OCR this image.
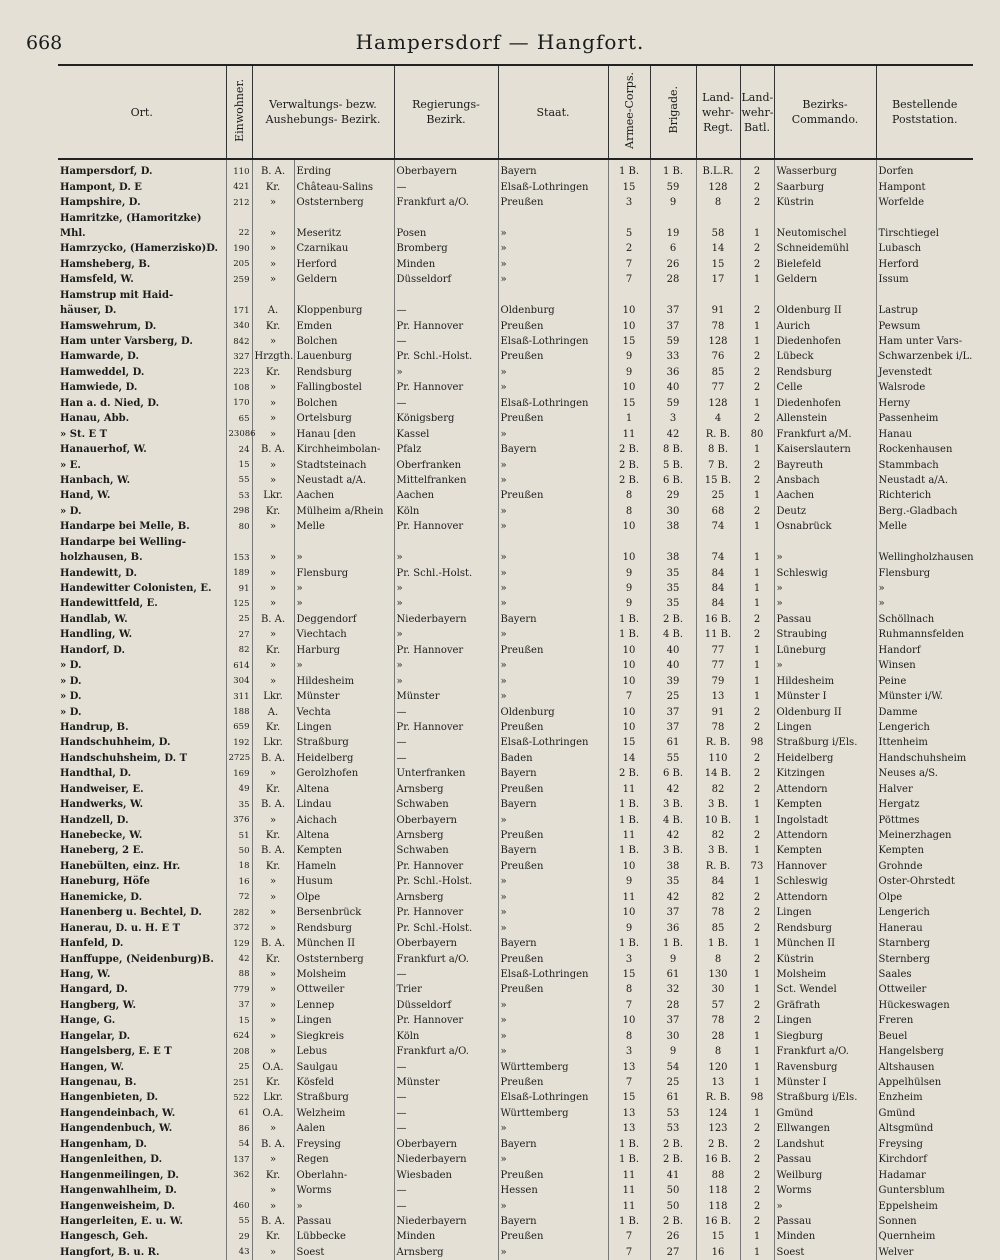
668	Hampersdorf — Hangfort.
Ort.	Einwohner.	Verwaltungs- bezw. Aushebungs- Bezirk.		Regierungs- Bezirk.	Staat.	Armee-Corps.	Brigade.	Land- wehr- Regt.	Land- wehr- Batl.	Bezirks- Commando.	Bestellende Poststation.
Hampersdorf, D.	110	B. A.	Erding	Oberbayern	Bayern	1 B.	1 B.	B.L.R.	2	Wasserburg	Dorfen
Hampont, D. E	421	Kr.	Château-Salins	—	Elsaß-Lothringen	15	59	128	2	Saarburg	Hampont
Hampshire, D.	212	»	Oststernberg	Frankfurt a/O.	Preußen	3	9	8	2	Küstrin	Worfelde
Hamritzke, (Hamoritzke)											
Mhl.	22	»	Meseritz	Posen	»	5	19	58	1	Neutomischel	Tirschtiegel
Hamrzycko, (Hamerzisko)D.	190	»	Czarnikau	Bromberg	»	2	6	14	2	Schneidemühl	Lubasch
Hamsheberg, B.	205	»	Herford	Minden	»	7	26	15	2	Bielefeld	Herford
Hamsfeld, W.	259	»	Geldern	Düsseldorf	»	7	28	17	1	Geldern	Issum
Hamstrup mit Haid-											
häuser, D.	171	A.	Kloppenburg	—	Oldenburg	10	37	91	2	Oldenburg II	Lastrup
Hamswehrum, D.	340	Kr.	Emden	Pr. Hannover	Preußen	10	37	78	1	Aurich	Pewsum
Ham unter Varsberg, D.	842	»	Bolchen	—	Elsaß-Lothringen	15	59	128	1	Diedenhofen	Ham unter Vars-
Hamwarde, D.	327	Hrzgth.	Lauenburg	Pr. Schl.-Holst.	Preußen	9	33	76	2	Lübeck	Schwarzenbek i/L.
Hamweddel, D.	223	Kr.	Rendsburg	»	»	9	36	85	2	Rendsburg	Jevenstedt
Hamwiede, D.	108	»	Fallingbostel	Pr. Hannover	»	10	40	77	2	Celle	Walsrode
Han a. d. Nied, D.	170	»	Bolchen	—	Elsaß-Lothringen	15	59	128	1	Diedenhofen	Herny
Hanau, Abb.	65	»	Ortelsburg	Königsberg	Preußen	1	3	4	2	Allenstein	Passenheim
» St. E T	23086	»	Hanau [den	Kassel	»	11	42	R. B.	80	Frankfurt a/M.	Hanau
Hanauerhof, W.	24	B. A.	Kirchheimbolan-	Pfalz	Bayern	2 B.	8 B.	8 B.	1	Kaiserslautern	Rockenhausen
» E.	15	»	Stadtsteinach	Oberfranken	»	2 B.	5 B.	7 B.	2	Bayreuth	Stammbach
Hanbach, W.	55	»	Neustadt a/A.	Mittelfranken	»	2 B.	6 B.	15 B.	2	Ansbach	Neustadt a/A.
Hand, W.	53	Lkr.	Aachen	Aachen	Preußen	8	29	25	1	Aachen	Richterich
» D.	298	Kr.	Mülheim a/Rhein	Köln	»	8	30	68	2	Deutz	Berg.-Gladbach
Handarpe bei Melle, B.	80	»	Melle	Pr. Hannover	»	10	38	74	1	Osnabrück	Melle
Handarpe bei Welling-											
holzhausen, B.	153	»	»	»	»	10	38	74	1	»	Wellingholzhausen
Handewitt, D.	189	»	Flensburg	Pr. Schl.-Holst.	»	9	35	84	1	Schleswig	Flensburg
Handewitter Colonisten, E.	91	»	»	»	»	9	35	84	1	»	»
Handewittfeld, E.	125	»	»	»	»	9	35	84	1	»	»
Handlab, W.	25	B. A.	Deggendorf	Niederbayern	Bayern	1 B.	2 B.	16 B.	2	Passau	Schöllnach
Handling, W.	27	»	Viechtach	»	»	1 B.	4 B.	11 B.	2	Straubing	Ruhmannsfelden
Handorf, D.	82	Kr.	Harburg	Pr. Hannover	Preußen	10	40	77	1	Lüneburg	Handorf
» D.	614	»	»	»	»	10	40	77	1	»	Winsen
» D.	304	»	Hildesheim	»	»	10	39	79	1	Hildesheim	Peine
» D.	311	Lkr.	Münster	Münster	»	7	25	13	1	Münster I	Münster i/W.
» D.	188	A.	Vechta	—	Oldenburg	10	37	91	2	Oldenburg II	Damme
Handrup, B.	659	Kr.	Lingen	Pr. Hannover	Preußen	10	37	78	2	Lingen	Lengerich
Handschuhheim, D.	192	Lkr.	Straßburg	—	Elsaß-Lothringen	15	61	R. B.	98	Straßburg i/Els.	Ittenheim
Handschuhsheim, D. T	2725	B. A.	Heidelberg	—	Baden	14	55	110	2	Heidelberg	Handschuhsheim
Handthal, D.	169	»	Gerolzhofen	Unterfranken	Bayern	2 B.	6 B.	14 B.	2	Kitzingen	Neuses a/S.
Handweiser, E.	49	Kr.	Altena	Arnsberg	Preußen	11	42	82	2	Attendorn	Halver
Handwerks, W.	35	B. A.	Lindau	Schwaben	Bayern	1 B.	3 B.	3 B.	1	Kempten	Hergatz
Handzell, D.	376	»	Aichach	Oberbayern	»	1 B.	4 B.	10 B.	1	Ingolstadt	Pöttmes
Hanebecke, W.	51	Kr.	Altena	Arnsberg	Preußen	11	42	82	2	Attendorn	Meinerzhagen
Haneberg, 2 E.	50	B. A.	Kempten	Schwaben	Bayern	1 B.	3 B.	3 B.	1	Kempten	Kempten
Hanebülten, einz. Hr.	18	Kr.	Hameln	Pr. Hannover	Preußen	10	38	R. B.	73	Hannover	Grohnde
Haneburg, Höfe	16	»	Husum	Pr. Schl.-Holst.	»	9	35	84	1	Schleswig	Oster-Ohrstedt
Hanemicke, D.	72	»	Olpe	Arnsberg	»	11	42	82	2	Attendorn	Olpe
Hanenberg u. Bechtel, D.	282	»	Bersenbrück	Pr. Hannover	»	10	37	78	2	Lingen	Lengerich
Hanerau, D. u. H. E T	372	»	Rendsburg	Pr. Schl.-Holst.	»	9	36	85	2	Rendsburg	Hanerau
Hanfeld, D.	129	B. A.	München II	Oberbayern	Bayern	1 B.	1 B.	1 B.	1	München II	Starnberg
Hanffuppe, (Neidenburg)B.	42	Kr.	Oststernberg	Frankfurt a/O.	Preußen	3	9	8	2	Küstrin	Sternberg
Hang, W.	88	»	Molsheim	—	Elsaß-Lothringen	15	61	130	1	Molsheim	Saales
Hangard, D.	779	»	Ottweiler	Trier	Preußen	8	32	30	1	Sct. Wendel	Ottweiler
Hangberg, W.	37	»	Lennep	Düsseldorf	»	7	28	57	2	Gräfrath	Hückeswagen
Hange, G.	15	»	Lingen	Pr. Hannover	»	10	37	78	2	Lingen	Freren
Hangelar, D.	624	»	Siegkreis	Köln	»	8	30	28	1	Siegburg	Beuel
Hangelsberg, E. E T	208	»	Lebus	Frankfurt a/O.	»	3	9	8	1	Frankfurt a/O.	Hangelsberg
Hangen, W.	25	O.A.	Saulgau	—	Württemberg	13	54	120	1	Ravensburg	Altshausen
Hangenau, B.	251	Kr.	Kösfeld	Münster	Preußen	7	25	13	1	Münster I	Appelhülsen
Hangenbieten, D.	522	Lkr.	Straßburg	—	Elsaß-Lothringen	15	61	R. B.	98	Straßburg i/Els.	Enzheim
Hangendeinbach, W.	61	O.A.	Welzheim	—	Württemberg	13	53	124	1	Gmünd	Gmünd
Hangendenbuch, W.	86	»	Aalen	—	»	13	53	123	2	Ellwangen	Altsgmünd
Hangenham, D.	54	B. A.	Freysing	Oberbayern	Bayern	1 B.	2 B.	2 B.	2	Landshut	Freysing
Hangenleithen, D.	137	»	Regen	Niederbayern	»	1 B.	2 B.	16 B.	2	Passau	Kirchdorf
Hangenmeilingen, D.	362	Kr.	Oberlahn-	Wiesbaden	Preußen	11	41	88	2	Weilburg	Hadamar
Hangenwahlheim, D.		»	Worms	—	Hessen	11	50	118	2	Worms	Guntersblum
Hangenweisheim, D.	460	»	»	—	»	11	50	118	2	»	Eppelsheim
Hangerleiten, E. u. W.	55	B. A.	Passau	Niederbayern	Bayern	1 B.	2 B.	16 B.	2	Passau	Sonnen
Hangesch, Geh.	29	Kr.	Lübbecke	Minden	Preußen	7	26	15	1	Minden	Quernheim
Hangfort, B. u. R.	43	»	Soest	Arnsberg	»	7	27	16	1	Soest	Welver
